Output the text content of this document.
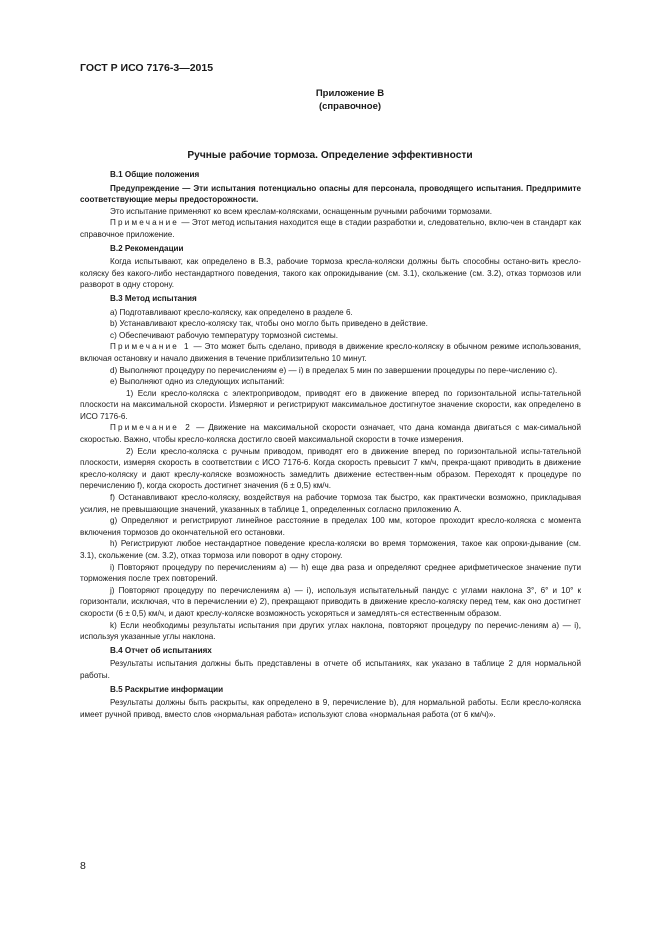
ГОСТ Р ИСО 7176-3—2015
Приложение В
(справочное)
Ручные рабочие тормоза. Определение эффективности

В.1 Общие положения

Предупреждение — Эти испытания потенциально опасны для персонала, проводящего испытания. Предпримите соответствующие меры предосторожности.

Это испытание применяют ко всем креслам-колясками, оснащенным ручными рабочими тормозами.

Примечание — Этот метод испытания находится еще в стадии разработки и, следовательно, вклю-чен в стандарт как справочное приложение.

В.2 Рекомендации

Когда испытывают, как определено в В.3, рабочие тормоза кресла-коляски должны быть способны остано-вить кресло-коляску без какого-либо нестандартного поведения, такого как опрокидывание (см. 3.1), скольжение (см. 3.2), отказ тормозов или разворот в одну сторону.

В.3 Метод испытания

a) Подготавливают кресло-коляску, как определено в разделе 6.

b) Устанавливают кресло-коляску так, чтобы оно могло быть приведено в действие.

c) Обеспечивают рабочую температуру тормозной системы.

Примечание 1 — Это может быть сделано, приводя в движение кресло-коляску в обычном режиме использования, включая остановку и начало движения в течение приблизительно 10 минут.

d) Выполняют процедуру по перечислениям е) — i) в пределах 5 мин по завершении процедуры по пере-числению с).

e) Выполняют одно из следующих испытаний:

1) Если кресло-коляска с электроприводом, приводят его в движение вперед по горизонтальной испы-тательной плоскости на максимальной скорости. Измеряют и регистрируют максимальное достигнутое значение скорости, как определено в ИСО 7176-6.

Примечание 2 — Движение на максимальной скорости означает, что дана команда двигаться с мак-симальной скоростью. Важно, чтобы кресло-коляска достигло своей максимальной скорости в точке измерения.

2) Если кресло-коляска с ручным приводом, приводят его в движение вперед по горизонтальной испы-тательной плоскости, измеряя скорость в соответствии с ИСО 7176-6. Когда скорость превысит 7 км/ч, прекра-щают приводить в движение кресло-коляску и дают креслу-коляске возможность замедлить движение естествен-ным образом. Переходят к процедуре по перечислению f), когда скорость достигнет значения (6 ± 0,5) км/ч.

f) Останавливают кресло-коляску, воздействуя на рабочие тормоза так быстро, как практически возможно, прикладывая усилия, не превышающие значений, указанных в таблице 1, определенных согласно приложению А.

g) Определяют и регистрируют линейное расстояние в пределах 100 мм, которое проходит кресло-коляска с момента включения тормозов до окончательной его остановки.

h) Регистрируют любое нестандартное поведение кресла-коляски во время торможения, такое как опроки-дывание (см. 3.1), скольжение (см. 3.2), отказ тормоза или поворот в одну сторону.

i) Повторяют процедуру по перечислениям а) — h) еще два раза и определяют среднее арифметическое значение пути торможения после трех повторений.

j) Повторяют процедуру по перечислениям а) — i), используя испытательный пандус с углами наклона 3°, 6° и 10° к горизонтали, исключая, что в перечислении е) 2), прекращают приводить в движение кресло-коляску перед тем, как оно достигнет скорости (6 ± 0,5) км/ч, и дают креслу-коляске возможность ускоряться и замедлять-ся естественным образом.

k) Если необходимы результаты испытания при других углах наклона, повторяют процедуру по перечис-лениям а) — i), используя указанные углы наклона.

В.4 Отчет об испытаниях

Результаты испытания должны быть представлены в отчете об испытаниях, как указано в таблице 2 для нормальной работы.

В.5 Раскрытие информации

Результаты должны быть раскрыты, как определено в 9, перечисление b), для нормальной работы. Если кресло-коляска имеет ручной привод, вместо слов «нормальная работа» используют слова «нормальная работа (от 6 км/ч)».

8
